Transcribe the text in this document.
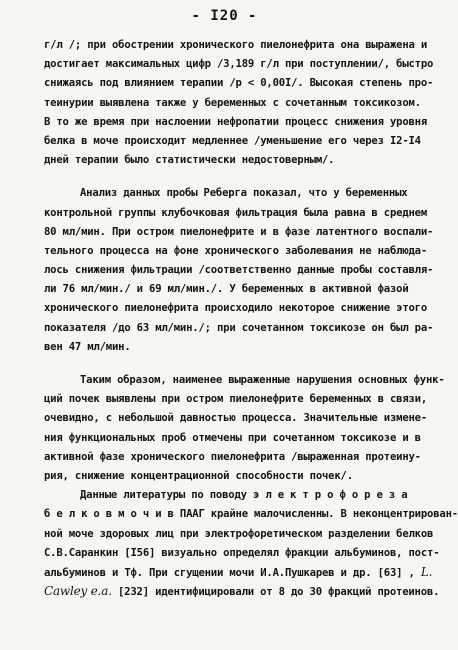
- I20 -
г/л /; при обострении хронического пиелонефрита она выражена и
достигает максимальных цифр /3,189 г/л при поступлении/, быстро
снижаясь под влиянием терапии /р < 0,00I/. Высокая степень про-
теинурии выявлена также у беременных с сочетанным токсикозом.
В то же время при наслоении нефропатии процесс снижения уровня
белка в моче происходит медленнее /уменьшение его через I2-I4
дней терапии было статистически недостоверным/.
Анализ данных пробы Реберга показал, что у беременных
контрольной группы клубочковая фильтрация была равна в среднем
80 мл/мин. При остром пиелонефрите и в фазе латентного воспали-
тельного процесса на фоне хронического заболевания не наблюда-
лось снижения фильтрации /соответственно данные пробы составля-
ли 76 мл/мин./ и 69 мл/мин./. У беременных в активной фазой
хронического пиелонефрита происходило некоторое снижение этого
показателя /до 63 мл/мин./; при сочетанном токсикозе он был ра-
вен 47 мл/мин.
Таким образом, наименее выраженные нарушения основных функ-
ций почек выявлены при остром пиелонефрите беременных в связи,
очевидно, с небольшой давностью процесса. Значительные измене-
ния функциональных проб отмечены при сочетанном токсикозе и в
активной фазе хронического пиелонефрита /выраженная протеину-
рия, снижение концентрационной способности почек/.
Данные литературы по поводу э л е к т р о ф о р е з а
б е л к о в м о ч и в ПААГ крайне малочисленны. В неконцентрирован-
ной моче здоровых лиц при электрофоретическом разделении белков
С.В.Саранкин [I56] визуально определял фракции альбуминов, пост-
альбуминов и Тф. При сгущении мочи И.А.Пушкарев и др. [63] , L.
Cawley e.a. [232] идентифицировали от 8 до 30 фракций протеинов.
